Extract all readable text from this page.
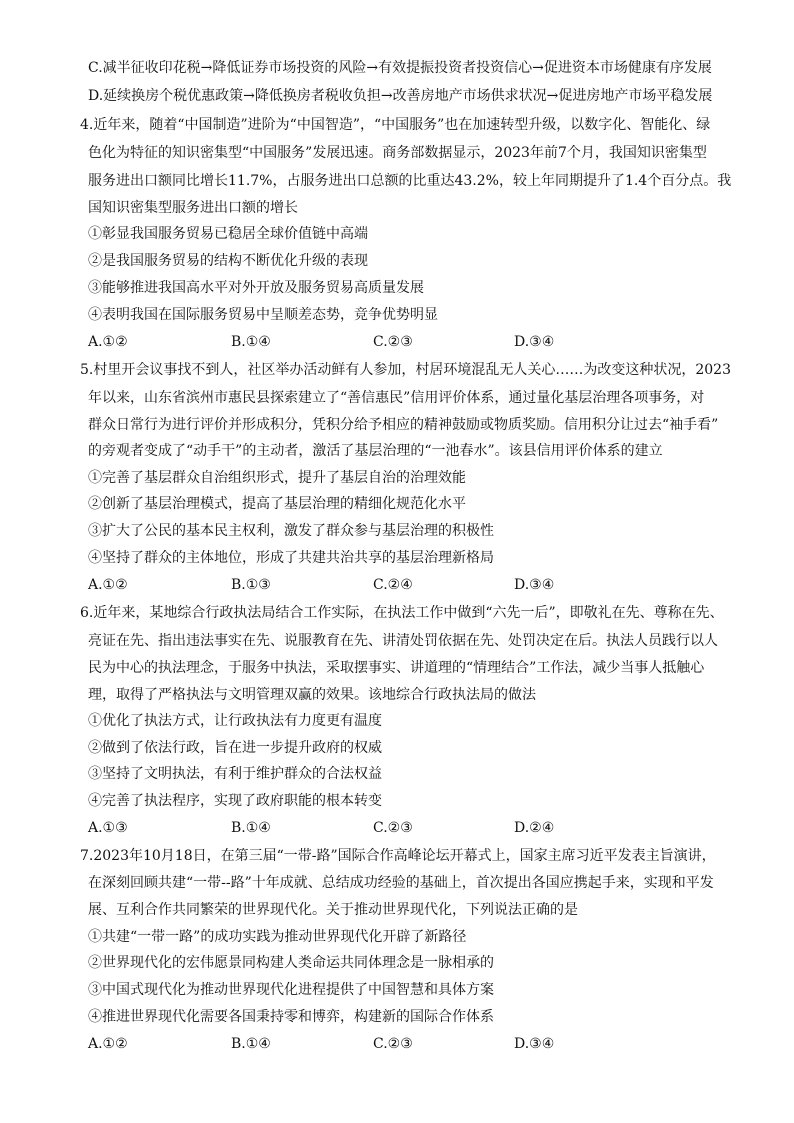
C.减半征收印花税→降低证券市场投资的风险→有效提振投资者投资信心→促进资本市场健康有序发展
D.延续换房个税优惠政策→降低换房者税收负担→改善房地产市场供求状况→促进房地产市场平稳发展
4.近年来，随着“中国制造”进阶为“中国智造”，“中国服务”也在加速转型升级，以数字化、智能化、绿
色化为特征的知识密集型“中国服务”发展迅速。商务部数据显示，2023年前7个月，我国知识密集型
服务进出口额同比增长11.7%，占服务进出口总额的比重达43.2%，较上年同期提升了1.4个百分点。我
国知识密集型服务进出口额的增长
①彰显我国服务贸易已稳居全球价值链中高端
②是我国服务贸易的结构不断优化升级的表现
③能够推进我国高水平对外开放及服务贸易高质量发展
④表明我国在国际服务贸易中呈顺差态势，竞争优势明显
A.①②	B.①④	C.②③	D.③④
5.村里开会议事找不到人，社区举办活动鲜有人参加，村居环境混乱无人关心……为改变这种状况，2023
年以来，山东省滨州市惠民县探索建立了“善信惠民”信用评价体系，通过量化基层治理各项事务，对
群众日常行为进行评价并形成积分，凭积分给予相应的精神鼓励或物质奖励。信用积分让过去“袖手看”
的旁观者变成了“动手干”的主动者，激活了基层治理的“一池春水”。该县信用评价体系的建立
①完善了基层群众自治组织形式，提升了基层自治的治理效能
②创新了基层治理模式，提高了基层治理的精细化规范化水平
③扩大了公民的基本民主权利，激发了群众参与基层治理的积极性
④坚持了群众的主体地位，形成了共建共治共享的基层治理新格局
A.①②	B.①③	C.②④	D.③④
6.近年来，某地综合行政执法局结合工作实际，在执法工作中做到“六先一后”，即敬礼在先、尊称在先、
亮证在先、指出违法事实在先、说服教育在先、讲清处罚依据在先、处罚决定在后。执法人员践行以人
民为中心的执法理念，于服务中执法，采取摆事实、讲道理的“情理结合”工作法，减少当事人抵触心
理，取得了严格执法与文明管理双赢的效果。该地综合行政执法局的做法
①优化了执法方式，让行政执法有力度更有温度
②做到了依法行政，旨在进一步提升政府的权威
③坚持了文明执法，有利于维护群众的合法权益
④完善了执法程序，实现了政府职能的根本转变
A.①③	B.①④	C.②③	D.②④
7.2023年10月18日，在第三届“一带-路”国际合作高峰论坛开幕式上，国家主席习近平发表主旨演讲，
在深刻回顾共建“一带--路”十年成就、总结成功经验的基础上，首次提出各国应携起手来，实现和平发
展、互利合作共同繁荣的世界现代化。关于推动世界现代化，下列说法正确的是
①共建“一带一路”的成功实践为推动世界现代化开辟了新路径
②世界现代化的宏伟愿景同构建人类命运共同体理念是一脉相承的
③中国式现代化为推动世界现代化进程提供了中国智慧和具体方案
④推进世界现代化需要各国秉持零和博弈，构建新的国际合作体系
A.①②	B.①④	C.②③	D.③④
